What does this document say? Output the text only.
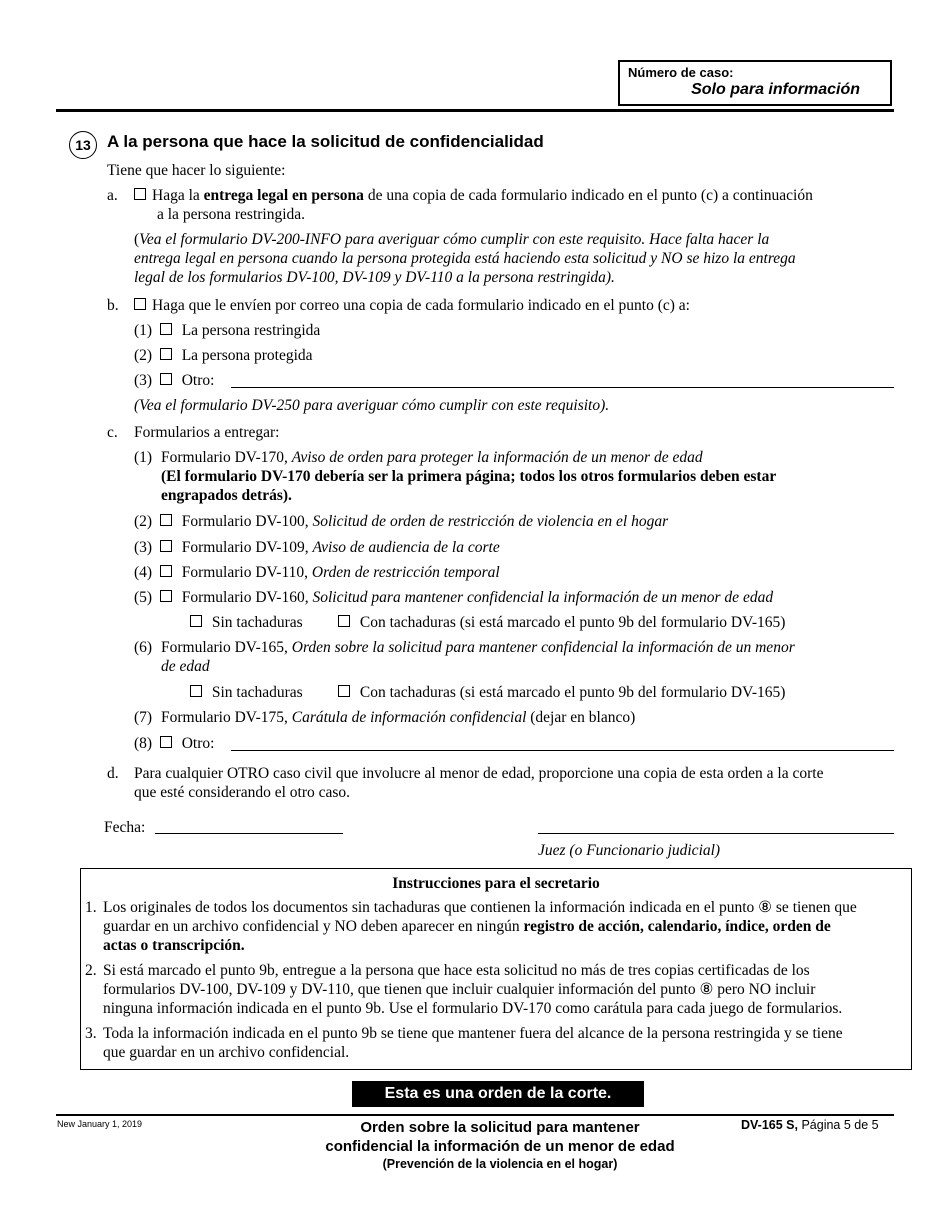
Número de caso:
Solo para información
13 A la persona que hace la solicitud de confidencialidad
Tiene que hacer lo siguiente:
a.	Haga la entrega legal en persona de una copia de cada formulario indicado en el punto (c) a continuación
a la persona restringida.
(Vea el formulario DV-200-INFO para averiguar cómo cumplir con este requisito. Hace falta hacer la
entrega legal en persona cuando la persona protegida está haciendo esta solicitud y NO se hizo la entrega
legal de los formularios DV-100, DV-109 y DV-110 a la persona restringida).
b.	Haga que le envíen por correo una copia de cada formulario indicado en el punto (c) a:
(1) La persona restringida
(2) La persona protegida
(3) Otro:
(Vea el formulario DV-250 para averiguar cómo cumplir con este requisito).
c. Formularios a entregar:
(1) Formulario DV-170, Aviso de orden para proteger la información de un menor de edad
(El formulario DV-170 debería ser la primera página; todos los otros formularios deben estar
engrapados detrás).
(2) Formulario DV-100, Solicitud de orden de restricción de violencia en el hogar
(3) Formulario DV-109, Aviso de audiencia de la corte
(4) Formulario DV-110, Orden de restricción temporal
(5) Formulario DV-160, Solicitud para mantener confidencial la información de un menor de edad
Sin tachaduras	Con tachaduras (si está marcado el punto 9b del formulario DV-165)
(6) Formulario DV-165, Orden sobre la solicitud para mantener confidencial la información de un menor
de edad
Sin tachaduras	Con tachaduras (si está marcado el punto 9b del formulario DV-165)
(7) Formulario DV-175, Carátula de información confidencial (dejar en blanco)
(8) Otro:
d. Para cualquier OTRO caso civil que involucre al menor de edad, proporcione una copia de esta orden a la corte
que esté considerando el otro caso.
Fecha:
Juez (o Funcionario judicial)
Instrucciones para el secretario
1. Los originales de todos los documentos sin tachaduras que contienen la información indicada en el punto ⑧ se tienen que
guardar en un archivo confidencial y NO deben aparecer en ningún registro de acción, calendario, índice, orden de
actas o transcripción.
2. Si está marcado el punto 9b, entregue a la persona que hace esta solicitud no más de tres copias certificadas de los
formularios DV-100, DV-109 y DV-110, que tienen que incluir cualquier información del punto ⑧ pero NO incluir
ninguna información indicada en el punto 9b. Use el formulario DV-170 como carátula para cada juego de formularios.
3. Toda la información indicada en el punto 9b se tiene que mantener fuera del alcance de la persona restringida y se tiene
que guardar en un archivo confidencial.
Esta es una orden de la corte.
New January 1, 2019	Orden sobre la solicitud para mantener
confidencial la información de un menor de edad
(Prevención de la violencia en el hogar)
DV-165 S, Página 5 de 5
